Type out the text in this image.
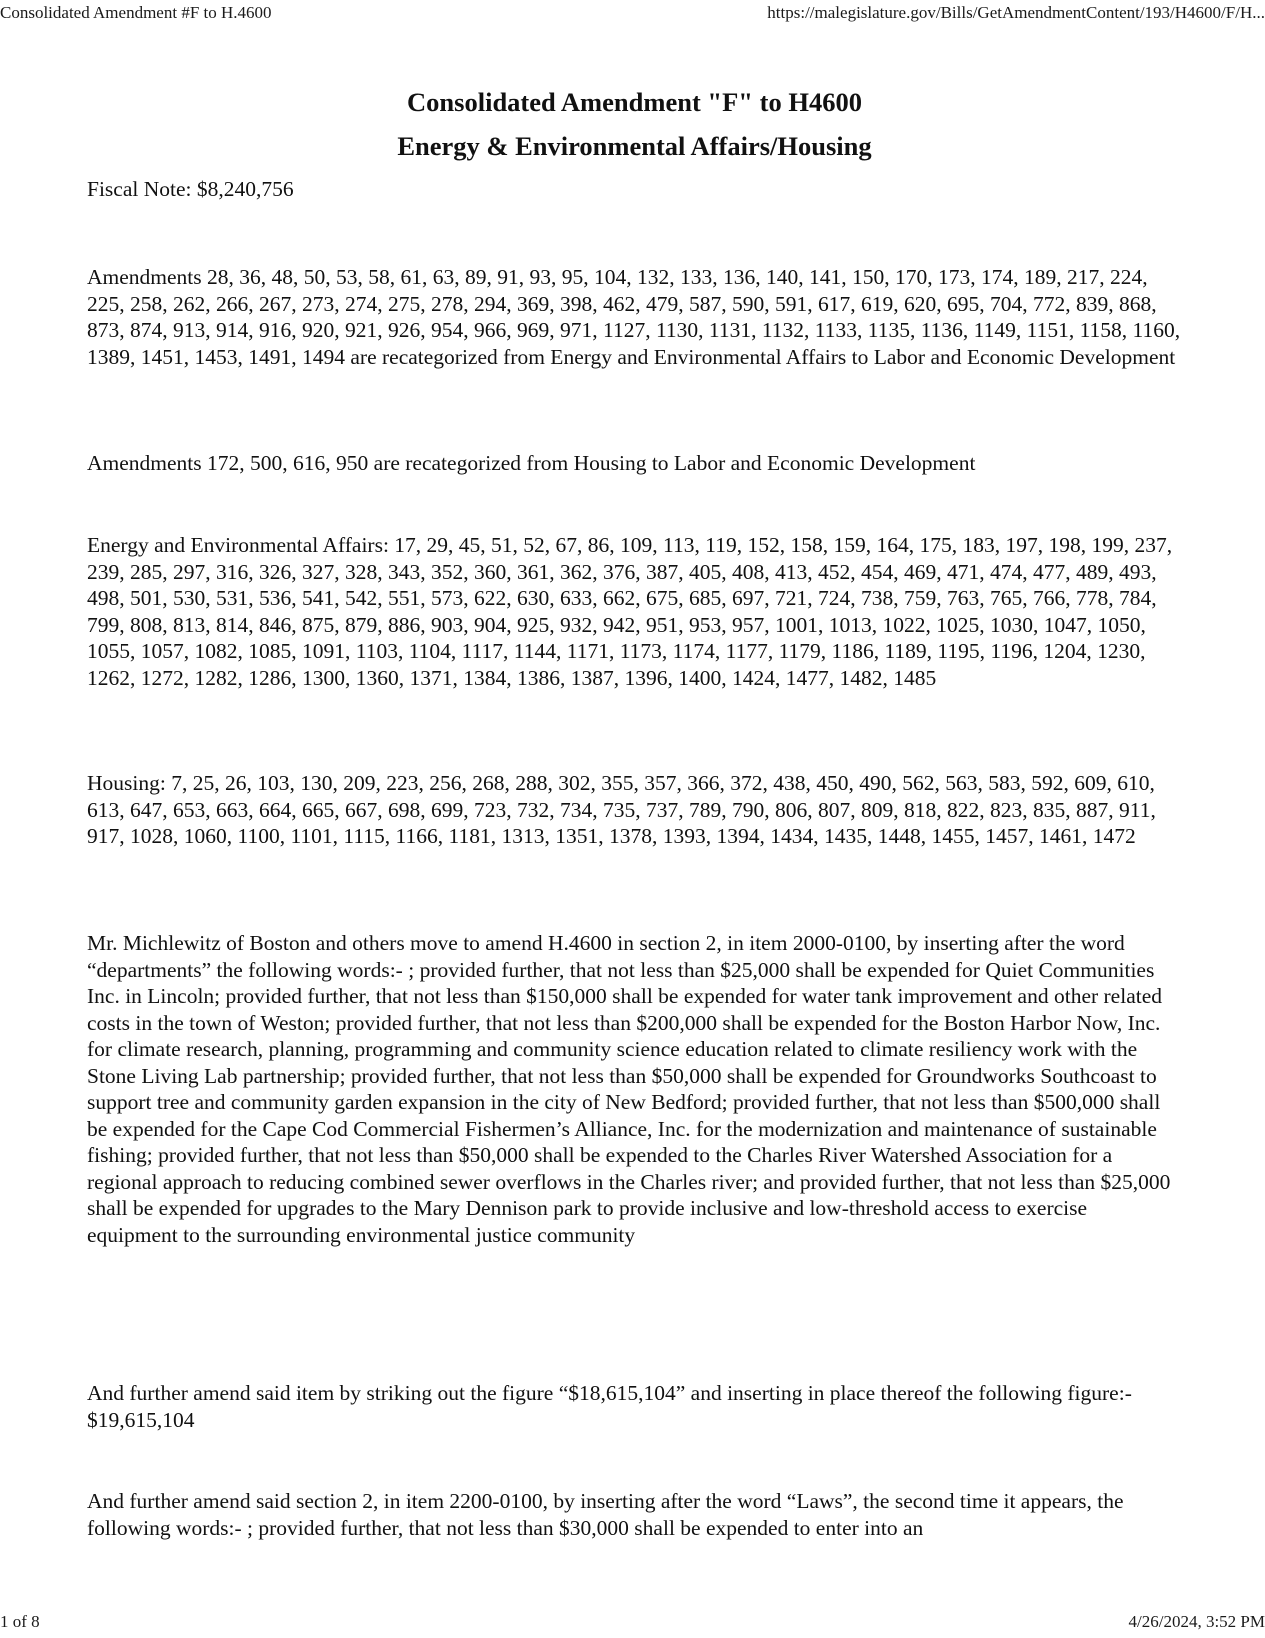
Consolidated Amendment #F to H.4600	https://malegislature.gov/Bills/GetAmendmentContent/193/H4600/F/H...
Consolidated Amendment "F" to H4600
Energy & Environmental Affairs/Housing

Fiscal Note: $8,240,756

Amendments 28, 36, 48, 50, 53, 58, 61, 63, 89, 91, 93, 95, 104, 132, 133, 136, 140, 141, 150, 170, 173, 174, 189, 217, 224, 225, 258, 262, 266, 267, 273, 274, 275, 278, 294, 369, 398, 462, 479, 587, 590, 591, 617, 619, 620, 695, 704, 772, 839, 868, 873, 874, 913, 914, 916, 920, 921, 926, 954, 966, 969, 971, 1127, 1130, 1131, 1132, 1133, 1135, 1136, 1149, 1151, 1158, 1160, 1389, 1451, 1453, 1491, 1494 are recategorized from Energy and Environmental Affairs to Labor and Economic Development

Amendments 172, 500, 616, 950 are recategorized from Housing to Labor and Economic Development

Energy and Environmental Affairs: 17, 29, 45, 51, 52, 67, 86, 109, 113, 119, 152, 158, 159, 164, 175, 183, 197, 198, 199, 237, 239, 285, 297, 316, 326, 327, 328, 343, 352, 360, 361, 362, 376, 387, 405, 408, 413, 452, 454, 469, 471, 474, 477, 489, 493, 498, 501, 530, 531, 536, 541, 542, 551, 573, 622, 630, 633, 662, 675, 685, 697, 721, 724, 738, 759, 763, 765, 766, 778, 784, 799, 808, 813, 814, 846, 875, 879, 886, 903, 904, 925, 932, 942, 951, 953, 957, 1001, 1013, 1022, 1025, 1030, 1047, 1050, 1055, 1057, 1082, 1085, 1091, 1103, 1104, 1117, 1144, 1171, 1173, 1174, 1177, 1179, 1186, 1189, 1195, 1196, 1204, 1230, 1262, 1272, 1282, 1286, 1300, 1360, 1371, 1384, 1386, 1387, 1396, 1400, 1424, 1477, 1482, 1485

Housing: 7, 25, 26, 103, 130, 209, 223, 256, 268, 288, 302, 355, 357, 366, 372, 438, 450, 490, 562, 563, 583, 592, 609, 610, 613, 647, 653, 663, 664, 665, 667, 698, 699, 723, 732, 734, 735, 737, 789, 790, 806, 807, 809, 818, 822, 823, 835, 887, 911, 917, 1028, 1060, 1100, 1101, 1115, 1166, 1181, 1313, 1351, 1378, 1393, 1394, 1434, 1435, 1448, 1455, 1457, 1461, 1472

Mr. Michlewitz of Boston and others move to amend H.4600 in section 2, in item 2000-0100, by inserting after the word “departments” the following words:- ; provided further, that not less than $25,000 shall be expended for Quiet Communities Inc. in Lincoln; provided further, that not less than $150,000 shall be expended for water tank improvement and other related costs in the town of Weston; provided further, that not less than $200,000 shall be expended for the Boston Harbor Now, Inc. for climate research, planning, programming and community science education related to climate resiliency work with the Stone Living Lab partnership; provided further, that not less than $50,000 shall be expended for Groundworks Southcoast to support tree and community garden expansion in the city of New Bedford; provided further, that not less than $500,000 shall be expended for the Cape Cod Commercial Fishermen’s Alliance, Inc. for the modernization and maintenance of sustainable fishing; provided further, that not less than $50,000 shall be expended to the Charles River Watershed Association for a regional approach to reducing combined sewer overflows in the Charles river; and provided further, that not less than $25,000 shall be expended for upgrades to the Mary Dennison park to provide inclusive and low-threshold access to exercise equipment to the surrounding environmental justice community

And further amend said item by striking out the figure “$18,615,104” and inserting in place thereof the following figure:- $19,615,104

And further amend said section 2, in item 2200-0100, by inserting after the word “Laws”, the second time it appears, the following words:- ; provided further, that not less than $30,000 shall be expended to enter into an

1 of 8	4/26/2024, 3:52 PM
